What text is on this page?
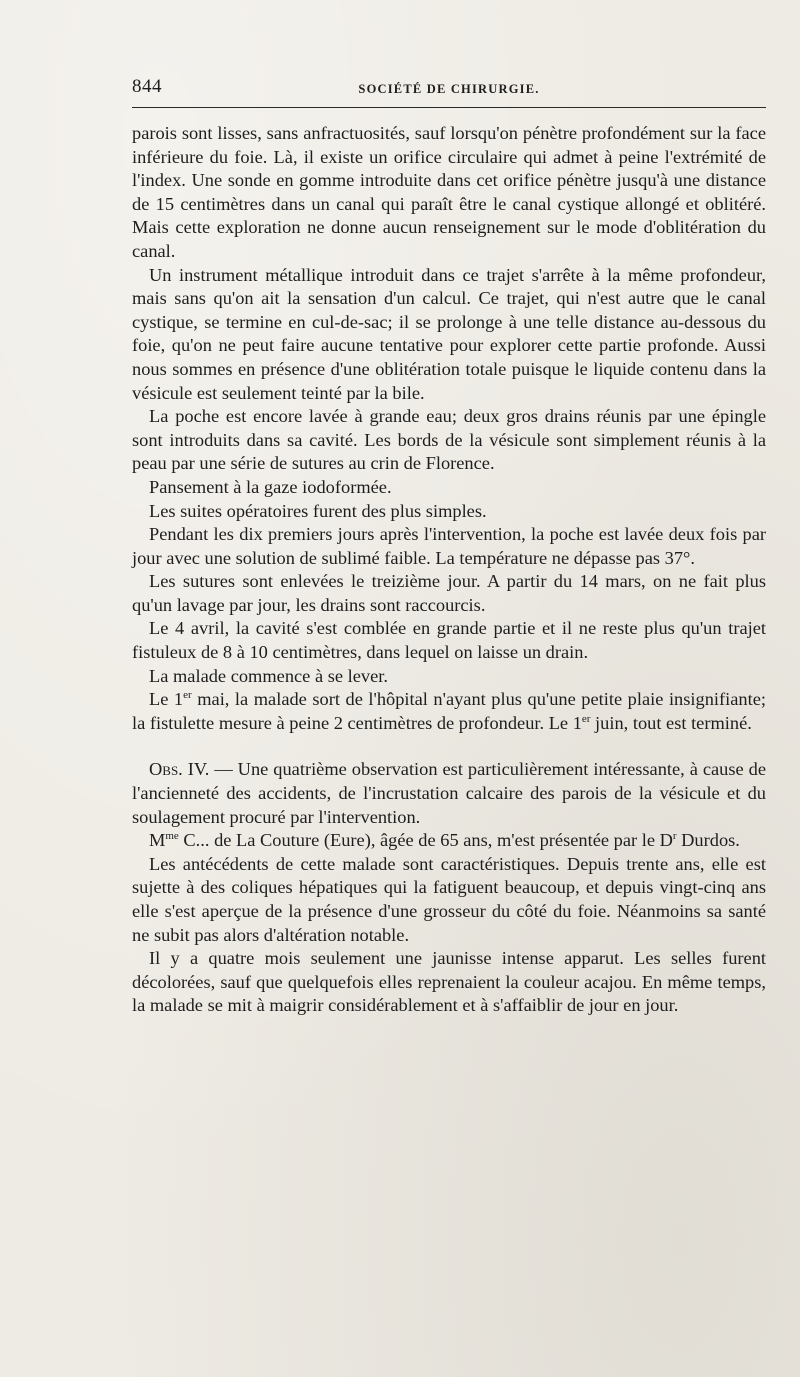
844	SOCIÉTÉ DE CHIRURGIE.

parois sont lisses, sans anfractuosités, sauf lorsqu'on pénètre profondément sur la face inférieure du foie. Là, il existe un orifice circulaire qui admet à peine l'extrémité de l'index. Une sonde en gomme introduite dans cet orifice pénètre jusqu'à une distance de 15 centimètres dans un canal qui paraît être le canal cystique allongé et oblitéré. Mais cette exploration ne donne aucun renseignement sur le mode d'oblitération du canal.

Un instrument métallique introduit dans ce trajet s'arrête à la même profondeur, mais sans qu'on ait la sensation d'un calcul. Ce trajet, qui n'est autre que le canal cystique, se termine en cul-de-sac; il se prolonge à une telle distance au-dessous du foie, qu'on ne peut faire aucune tentative pour explorer cette partie profonde. Aussi nous sommes en présence d'une oblitération totale puisque le liquide contenu dans la vésicule est seulement teinté par la bile.

La poche est encore lavée à grande eau; deux gros drains réunis par une épingle sont introduits dans sa cavité. Les bords de la vésicule sont simplement réunis à la peau par une série de sutures au crin de Florence.

Pansement à la gaze iodoformée.

Les suites opératoires furent des plus simples.

Pendant les dix premiers jours après l'intervention, la poche est lavée deux fois par jour avec une solution de sublimé faible. La température ne dépasse pas 37°.

Les sutures sont enlevées le treizième jour. A partir du 14 mars, on ne fait plus qu'un lavage par jour, les drains sont raccourcis.

Le 4 avril, la cavité s'est comblée en grande partie et il ne reste plus qu'un trajet fistuleux de 8 à 10 centimètres, dans lequel on laisse un drain.

La malade commence à se lever.

Le 1er mai, la malade sort de l'hôpital n'ayant plus qu'une petite plaie insignifiante; la fistulette mesure à peine 2 centimètres de profondeur. Le 1er juin, tout est terminé.

Obs. IV. — Une quatrième observation est particulièrement intéressante, à cause de l'ancienneté des accidents, de l'incrustation calcaire des parois de la vésicule et du soulagement procuré par l'intervention.

$M^{me}$ C... de La Couture (Eure), âgée de 65 ans, m'est présentée par le $D^r$ Durdos.

Les antécédents de cette malade sont caractéristiques. Depuis trente ans, elle est sujette à des coliques hépatiques qui la fatiguent beaucoup, et depuis vingt-cinq ans elle s'est aperçue de la présence d'une grosseur du côté du foie. Néanmoins sa santé ne subit pas alors d'altération notable.

Il y a quatre mois seulement une jaunisse intense apparut. Les selles furent décolorées, sauf que quelquefois elles reprenaient la couleur acajou. En même temps, la malade se mit à maigrir considérablement et à s'affaiblir de jour en jour.
